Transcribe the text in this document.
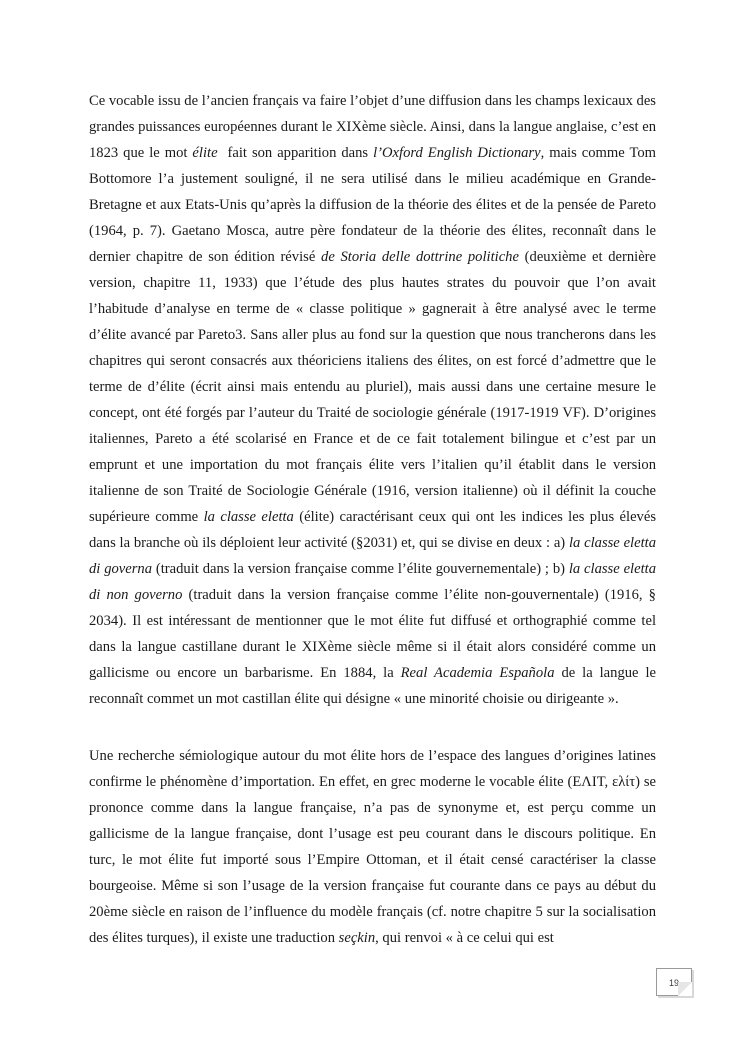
Ce vocable issu de l’ancien français va faire l’objet d’une diffusion dans les champs lexicaux des grandes puissances européennes durant le XIXème siècle. Ainsi, dans la langue anglaise, c’est en 1823 que le mot élite  fait son apparition dans l’Oxford English Dictionary, mais comme Tom Bottomore l’a justement souligné, il ne sera utilisé dans le milieu académique en Grande-Bretagne et aux Etats-Unis qu’après la diffusion de la théorie des élites et de la pensée de Pareto (1964, p. 7). Gaetano Mosca, autre père fondateur de la théorie des élites, reconnaît dans le dernier chapitre de son édition révisé de Storia delle dottrine politiche (deuxième et dernière version, chapitre 11, 1933) que l’étude des plus hautes strates du pouvoir que l’on avait l’habitude d’analyse en terme de « classe politique » gagnerait à être analysé avec le terme d’élite avancé par Pareto3. Sans aller plus au fond sur la question que nous trancherons dans les chapitres qui seront consacrés aux théoriciens italiens des élites, on est forcé d’admettre que le terme de d’élite (écrit ainsi mais entendu au pluriel), mais aussi dans une certaine mesure le concept, ont été forgés par l’auteur du Traité de sociologie générale (1917-1919 VF). D’origines italiennes, Pareto a été scolarisé en France et de ce fait totalement bilingue et c’est par un emprunt et une importation du mot français élite vers l’italien qu’il établit dans le version italienne de son Traité de Sociologie Générale (1916, version italienne) où il définit la couche supérieure comme la classe eletta (élite) caractérisant ceux qui ont les indices les plus élevés dans la branche où ils déploient leur activité (§2031) et, qui se divise en deux : a) la classe eletta di governa (traduit dans la version française comme l’élite gouvernementale) ; b) la classe eletta di non governo (traduit dans la version française comme l’élite non-gouvernentale) (1916, § 2034). Il est intéressant de mentionner que le mot élite fut diffusé et orthographié comme tel dans la langue castillane durant le XIXème siècle même si il était alors considéré comme un gallicisme ou encore un barbarisme. En 1884, la Real Academia Española de la langue le reconnaît commet un mot castillan élite qui désigne « une minorité choisie ou dirigeante ».

Une recherche sémiologique autour du mot élite hors de l’espace des langues d’origines latines confirme le phénomène d’importation. En effet, en grec moderne le vocable élite (ΕΛΙΤ, ελίτ) se prononce comme dans la langue française, n’a pas de synonyme et, est perçu comme un gallicisme de la langue française, dont l’usage est peu courant dans le discours politique. En turc, le mot élite fut importé sous l’Empire Ottoman, et il était censé caractériser la classe bourgeoise. Même si son l’usage de la version française fut courante dans ce pays au début du 20ème siècle en raison de l’influence du modèle français (cf. notre chapitre 5 sur la socialisation des élites turques), il existe une traduction seçkin, qui renvoi « à ce celui qui est

19
